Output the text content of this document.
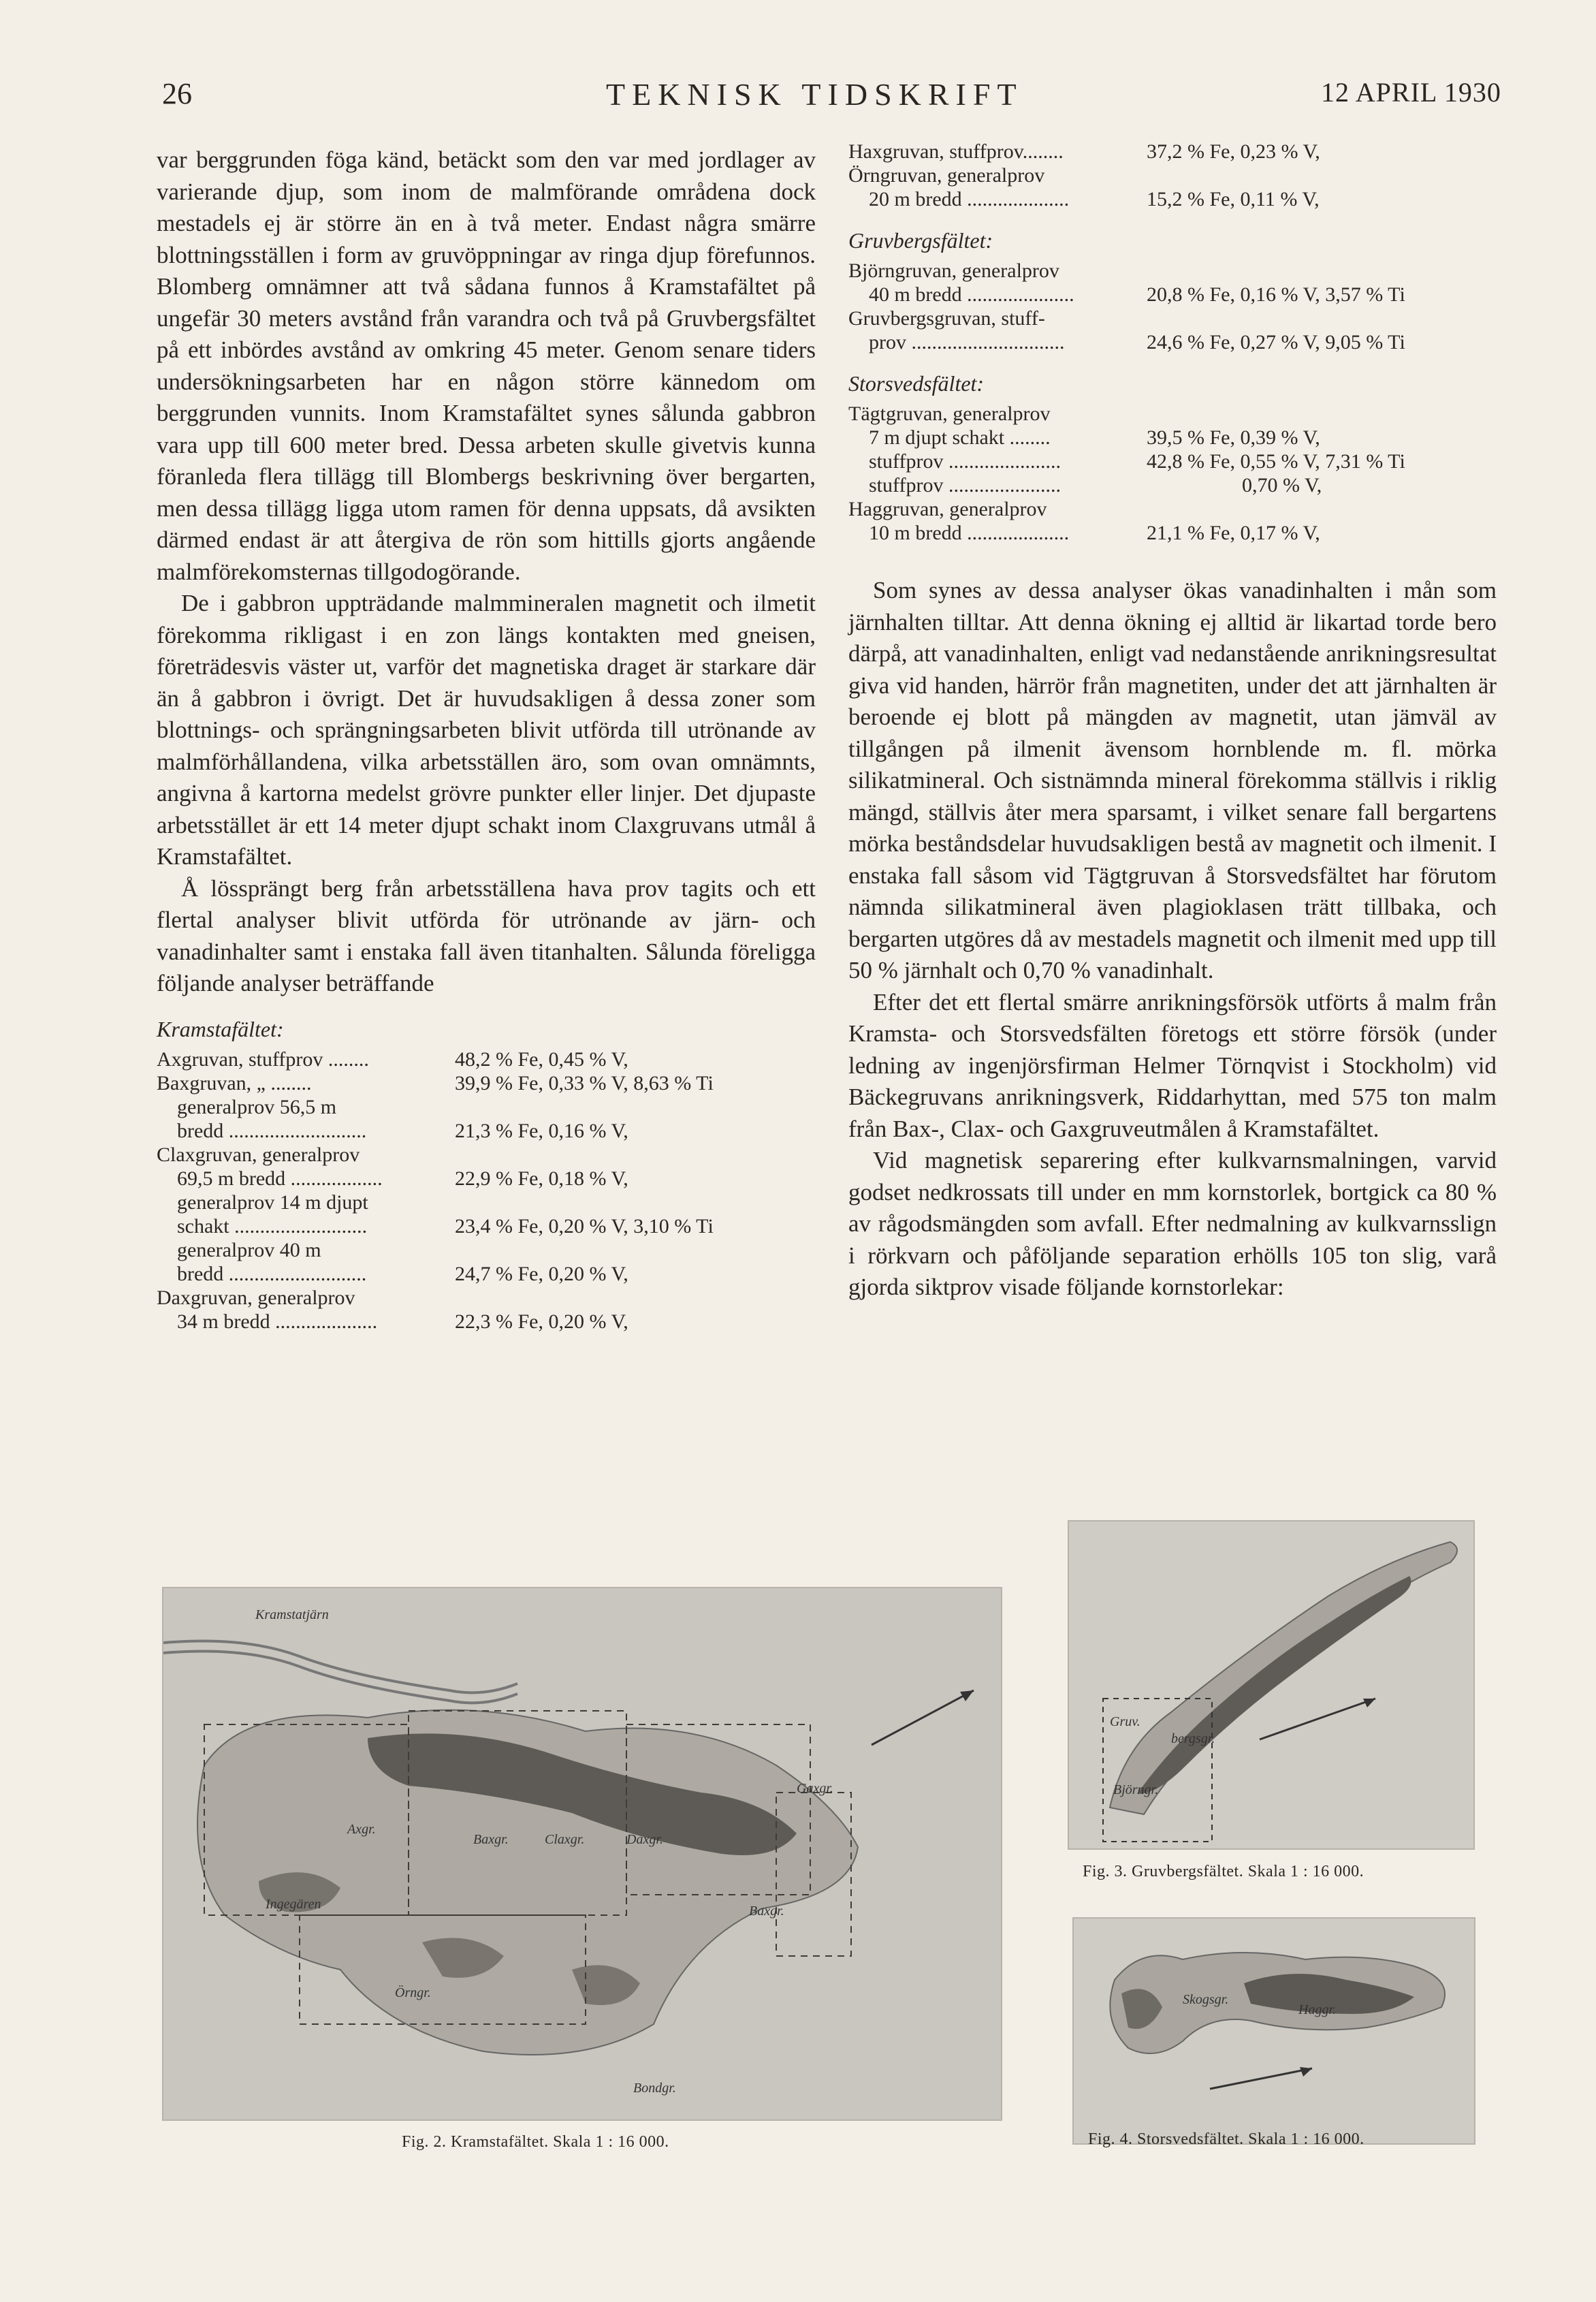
26	TEKNISK TIDSKRIFT	12 APRIL 1930

var berggrunden föga känd, betäckt som den var med jordlager av varierande djup, som inom de malmförande områdena dock mestadels ej är större än en à två meter. Endast några smärre blottningsställen i form av gruvöppningar av ringa djup förefunnos. Blomberg omnämner att två sådana funnos å Kramstafältet på ungefär 30 meters avstånd från varandra och två på Gruvbergsfältet på ett inbördes avstånd av omkring 45 meter. Genom senare tiders undersökningsarbeten har en någon större kännedom om berggrunden vunnits. Inom Kramstafältet synes sålunda gabbron vara upp till 600 meter bred. Dessa arbeten skulle givetvis kunna föranleda flera tillägg till Blombergs beskrivning över bergarten, men dessa tillägg ligga utom ramen för denna uppsats, då avsikten därmed endast är att återgiva de rön som hittills gjorts angående malmförekomsternas tillgodogörande.

De i gabbron uppträdande malmmineralen magnetit och ilmetit förekomma rikligast i en zon längs kontakten med gneisen, företrädesvis väster ut, varför det magnetiska draget är starkare där än å gabbron i övrigt. Det är huvudsakligen å dessa zoner som blottnings- och sprängningsarbeten blivit utförda till utrönande av malmförhållandena, vilka arbetsställen äro, som ovan omnämnts, angivna å kartorna medelst grövre punkter eller linjer. Det djupaste arbetsstället är ett 14 meter djupt schakt inom Claxgruvans utmål å Kramstafältet.

Å lössprängt berg från arbetsställena hava prov tagits och ett flertal analyser blivit utförda för utrönande av järn- och vanadinhalter samt i enstaka fall även titanhalten. Sålunda föreligga följande analyser beträffande

Kramstafältet:
Axgruvan, stuffprov ........	48,2 % Fe, 0,45 % V,
Baxgruvan, „ ........	39,9 % Fe, 0,33 % V, 8,63 % Ti
generalprov 56,5 m
bredd ...........................	21,3 % Fe, 0,16 % V,
Claxgruvan, generalprov
69,5 m bredd ..................	22,9 % Fe, 0,18 % V,
generalprov 14 m djupt
schakt ..........................	23,4 % Fe, 0,20 % V, 3,10 % Ti
generalprov 40 m
bredd ...........................	24,7 % Fe, 0,20 % V,
Daxgruvan, generalprov
34 m bredd ....................	22,3 % Fe, 0,20 % V,
Haxgruvan, stuffprov........	37,2 % Fe, 0,23 % V,
Örngruvan, generalprov
20 m bredd ....................	15,2 % Fe, 0,11 % V,
Gruvbergsfältet:
Björngruvan, generalprov
40 m bredd .....................	20,8 % Fe, 0,16 % V, 3,57 % Ti
Gruvbergsgruvan, stuff-
prov ..............................	24,6 % Fe, 0,27 % V, 9,05 % Ti
Storsvedsfältet:
Tägtgruvan, generalprov
7 m djupt schakt ........	39,5 % Fe, 0,39 % V,
stuffprov ......................	42,8 % Fe, 0,55 % V, 7,31 % Ti
stuffprov ......................	0,70 % V,
Haggruvan, generalprov
10 m bredd ....................	21,1 % Fe, 0,17 % V,

Som synes av dessa analyser ökas vanadinhalten i mån som järnhalten tilltar. Att denna ökning ej alltid är likartad torde bero därpå, att vanadinhalten, enligt vad nedanstående anrikningsresultat giva vid handen, härrör från magnetiten, under det att järnhalten är beroende ej blott på mängden av magnetit, utan jämväl av tillgången på ilmenit ävensom hornblende m. fl. mörka silikatmineral. Och sistnämnda mineral förekomma ställvis i riklig mängd, ställvis åter mera sparsamt, i vilket senare fall bergartens mörka beståndsdelar huvudsakligen bestå av magnetit och ilmenit. I enstaka fall såsom vid Tägtgruvan å Storsvedsfältet har förutom nämnda silikatmineral även plagioklasen trätt tillbaka, och bergarten utgöres då av mestadels magnetit och ilmenit med upp till 50 % järnhalt och 0,70 % vanadinhalt.

Efter det ett flertal smärre anrikningsförsök utförts å malm från Kramsta- och Storsvedsfälten företogs ett större försök (under ledning av ingenjörsfirman Helmer Törnqvist i Stockholm) vid Bäckegruvans anrikningsverk, Riddarhyttan, med 575 ton malm från Bax-, Clax- och Gaxgruveutmålen å Kramstafältet.

Vid magnetisk separering efter kulkvarnsmalningen, varvid godset nedkrossats till under en mm kornstorlek, bortgick ca 80 % av rågodsmängden som avfall. Efter nedmalning av kulkvarnsslign i rörkvarn och påföljande separation erhölls 105 ton slig, varå gjorda siktprov visade följande kornstorlekar:

Kramstatjärn
Axgr.
Baxgr.	Claxgr.	Daxgr.
Gaxgr.
Baxgr.
Örngr.
Bondgr.
Ingegären
Fig. 2. Kramstafältet. Skala 1 : 16 000.
Gruv.
bergsgr.
Björngr.
Fig. 3. Gruvbergsfältet. Skala 1 : 16 000.
Skogsgr.
Haggr.
Fig. 4. Storsvedsfältet. Skala 1 : 16 000.
